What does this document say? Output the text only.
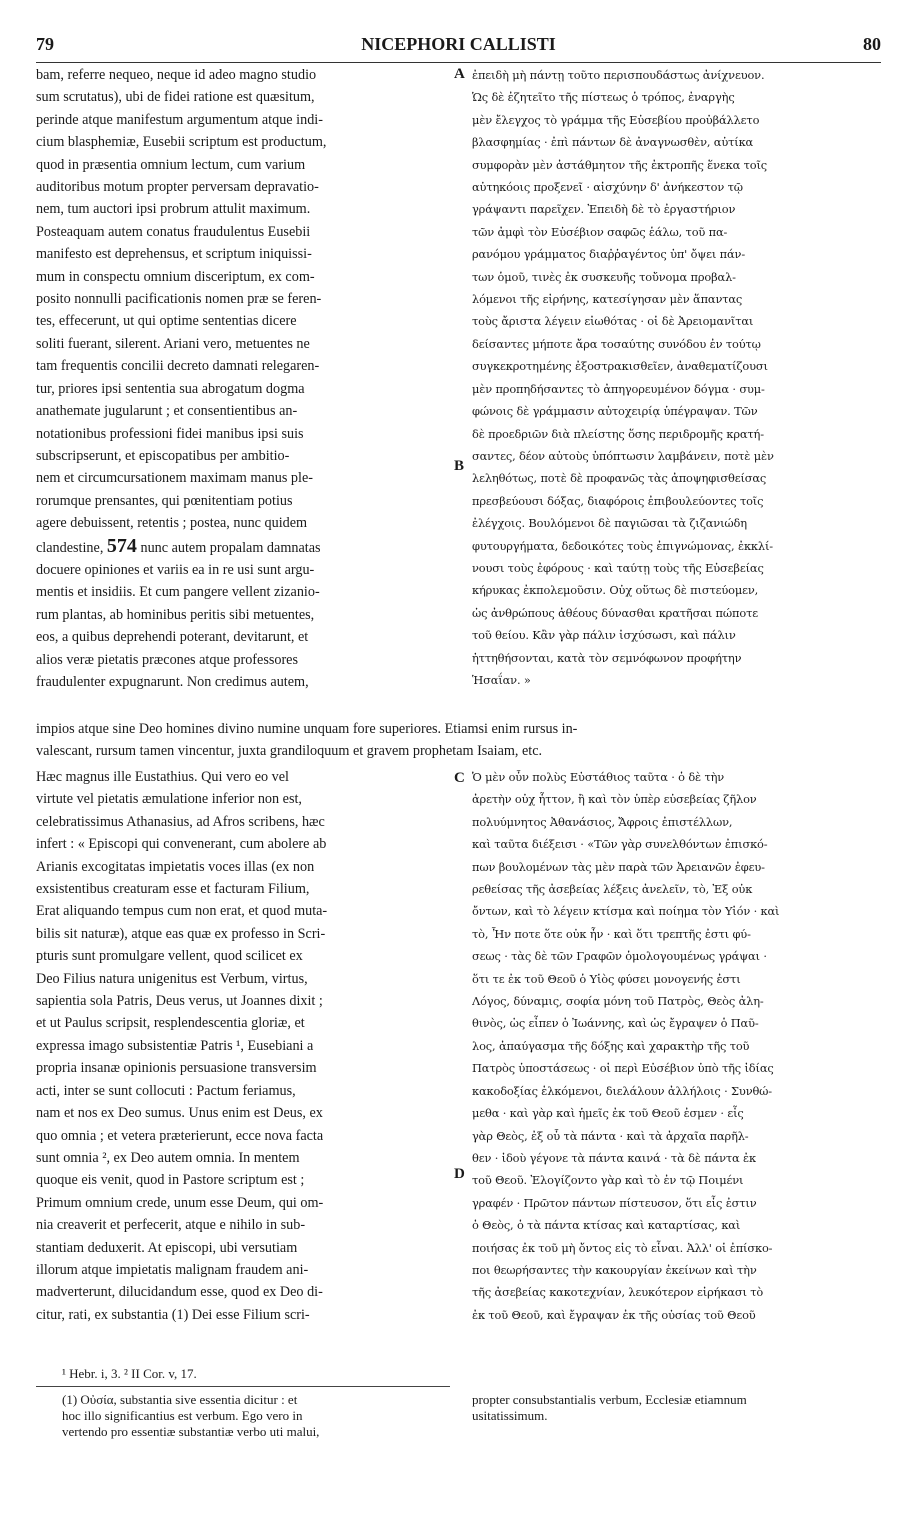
79	NICEPHORI CALLISTI	80
A
B
C
D
bam, referre nequeo, neque id adeo magno studio
sum scrutatus), ubi de fidei ratione est quæsitum,
perinde atque manifestum argumentum atque indi-
cium blasphemiæ, Eusebii scriptum est productum,
quod in præsentia omnium lectum, cum varium
auditoribus motum propter perversam depravatio-
nem, tum auctori ipsi probrum attulit maximum.
Posteaquam autem conatus fraudulentus Eusebii
manifesto est deprehensus, et scriptum iniquissi-
mum in conspectu omnium disceriptum, ex com-
posito nonnulli pacificationis nomen præ se feren-
tes, effecerunt, ut qui optime sententias dicere
soliti fuerant, silerent. Ariani vero, metuentes ne
tam frequentis concilii decreto damnati relegaren-
tur, priores ipsi sententia sua abrogatum dogma
anathemate jugularunt ; et consentientibus an-
notationibus professioni fidei manibus ipsi suis
subscripserunt, et episcopatibus per ambitio-
nem et circumcursationem maximam manus ple-
rorumque prensantes, qui pœnitentiam potius
agere debuissent, retentis ; postea, nunc quidem
clandestine, 574 nunc autem propalam damnatas
docuere opiniones et variis ea in re usi sunt argu-
mentis et insidiis. Et cum pangere vellent zizanio-
rum plantas, ab hominibus peritis sibi metuentes,
eos, a quibus deprehendi poterant, devitarunt, et
alios veræ pietatis præcones atque professores
fraudulenter expugnarunt. Non credimus autem,
ἐπειδὴ μὴ πάντῃ τοῦτο περισπουδάστως ἀνίχνευον.
Ὡς δὲ ἐζητεῖτο τῆς πίστεως ὁ τρόπος, ἐναργὴς
μὲν ἔλεγχος τὸ γράμμα τῆς Εὐσεβίου προὐβάλλετο
βλασφημίας · ἐπὶ πάντων δὲ ἀναγνωσθὲν, αὐτίκα
συμφορὰν μὲν ἀστάθμητον τῆς ἐκτροπῆς ἕνεκα τοῖς
αὐτηκόοις προξενεῖ · αἰσχύνην δ' ἀνήκεστον τῷ
γράψαντι παρεῖχεν. Ἐπειδὴ δὲ τὸ ἐργαστήριον
τῶν ἀμφὶ τὸν Εὐσέβιον σαφῶς ἑάλω, τοῦ πα-
ρανόμου γράμματος διαῤῥαγέντος ὑπ' ὄψει πάν-
των ὁμοῦ, τινὲς ἐκ συσκευῆς τοὔνομα προβαλ-
λόμενοι τῆς εἰρήνης, κατεσίγησαν μὲν ἅπαντας
τοὺς ἄριστα λέγειν εἰωθότας · οἱ δὲ Ἀρειομανῖται
δείσαντες μήποτε ἄρα τοσαύτης συνόδου ἐν τούτῳ
συγκεκροτημένης ἐξοστρακισθεῖεν, ἀναθεματίζουσι
μὲν προπηδήσαντες τὸ ἀπηγορευμένον δόγμα · συμ-
φώνοις δὲ γράμμασιν αὐτοχειρίᾳ ὑπέγραψαν. Τῶν
δὲ προεδριῶν διὰ πλείστης ὅσης περιδρομῆς κρατή-
σαντες, δέον αὐτοὺς ὑπόπτωσιν λαμβάνειν, ποτὲ μὲν
λεληθότως, ποτὲ δὲ προφανῶς τὰς ἀποψηφισθείσας
πρεσβεύουσι δόξας, διαφόροις ἐπιβουλεύοντες τοῖς
ἐλέγχοις. Βουλόμενοι δὲ παγιῶσαι τὰ ζιζανιώδη
φυτουργήματα, δεδοικότες τοὺς ἐπιγνώμονας, ἐκκλί-
νουσι τοὺς ἐφόρους · καὶ ταύτῃ τοὺς τῆς Εὐσεβείας
κήρυκας ἐκπολεμοῦσιν. Οὐχ οὕτως δὲ πιστεύομεν,
ὡς ἀνθρώπους ἀθέους δύνασθαι κρατῆσαι πώποτε
τοῦ θείου. Κἂν γὰρ πάλιν ἰσχύσωσι, καὶ πάλιν
ἡττηθήσονται, κατὰ τὸν σεμνόφωνον προφήτην
Ἡσαΐαν. »
impios atque sine Deo homines divino numine unquam fore superiores. Etiamsi enim rursus in-
valescant, rursum tamen vincentur, juxta grandiloquum et gravem prophetam Isaiam, etc.
Hæc magnus ille Eustathius. Qui vero eo vel
virtute vel pietatis æmulatione inferior non est,
celebratissimus Athanasius, ad Afros scribens, hæc
infert : « Episcopi qui convenerant, cum abolere ab
Arianis excogitatas impietatis voces illas (ex non
exsistentibus creaturam esse et facturam Filium,
Erat aliquando tempus cum non erat, et quod muta-
bilis sit naturæ), atque eas quæ ex professo in Scri-
pturis sunt promulgare vellent, quod scilicet ex
Deo Filius natura unigenitus est Verbum, virtus,
sapientia sola Patris, Deus verus, ut Joannes dixit ;
et ut Paulus scripsit, resplendescentia gloriæ, et
expressa imago subsistentiæ Patris ¹, Eusebiani a
propria insanæ opinionis persuasione transversim
acti, inter se sunt collocuti : Pactum feriamus,
nam et nos ex Deo sumus. Unus enim est Deus, ex
quo omnia ; et vetera præterierunt, ecce nova facta
sunt omnia ², ex Deo autem omnia. In mentem
quoque eis venit, quod in Pastore scriptum est ;
Primum omnium crede, unum esse Deum, qui om-
nia creaverit et perfecerit, atque e nihilo in sub-
stantiam deduxerit. At episcopi, ubi versutiam
illorum atque impietatis malignam fraudem ani-
madverterunt, dilucidandum esse, quod ex Deo di-
citur, rati, ex substantia (1) Dei esse Filium scri-
Ὁ μὲν οὖν πολὺς Εὐστάθιος ταῦτα · ὁ δὲ τὴν
ἀρετὴν οὐχ ἧττον, ἢ καὶ τὸν ὑπὲρ εὐσεβείας ζῆλον
πολυύμνητος Ἀθανάσιος, Ἄφροις ἐπιστέλλων,
καὶ ταῦτα διέξεισι · «Τῶν γὰρ συνελθόντων ἐπισκό-
πων βουλομένων τὰς μὲν παρὰ τῶν Ἀρειανῶν ἐφευ-
ρεθείσας τῆς ἀσεβείας λέξεις ἀνελεῖν, τὸ, Ἐξ οὐκ
ὄντων, καὶ τὸ λέγειν κτίσμα καὶ ποίημα τὸν Υἱόν · καὶ
τὸ, Ἦν ποτε ὅτε οὐκ ἦν · καὶ ὅτι τρεπτῆς ἐστι φύ-
σεως · τὰς δὲ τῶν Γραφῶν ὁμολογουμένως γράψαι ·
ὅτι τε ἐκ τοῦ Θεοῦ ὁ Υἱὸς φύσει μονογενής ἐστι
Λόγος, δύναμις, σοφία μόνη τοῦ Πατρὸς, Θεὸς ἀλη-
θινὸς, ὡς εἶπεν ὁ Ἰωάννης, καὶ ὡς ἔγραψεν ὁ Παῦ-
λος, ἀπαύγασμα τῆς δόξης καὶ χαρακτὴρ τῆς τοῦ
Πατρὸς ὑποστάσεως · οἱ περὶ Εὐσέβιον ὑπὸ τῆς ἰδίας
κακοδοξίας ἑλκόμενοι, διελάλουν ἀλλήλοις · Συνθώ-
μεθα · καὶ γὰρ καὶ ἡμεῖς ἐκ τοῦ Θεοῦ ἐσμεν · εἷς
γὰρ Θεὸς, ἐξ οὗ τὰ πάντα · καὶ τὰ ἀρχαῖα παρῆλ-
θεν · ἰδοὺ γέγονε τὰ πάντα καινά · τὰ δὲ πάντα ἐκ
τοῦ Θεοῦ. Ἐλογίζοντο γὰρ καὶ τὸ ἐν τῷ Ποιμένι
γραφέν · Πρῶτον πάντων πίστευσον, ὅτι εἷς ἐστιν
ὁ Θεὸς, ὁ τὰ πάντα κτίσας καὶ καταρτίσας, καὶ
ποιήσας ἐκ τοῦ μὴ ὄντος εἰς τὸ εἶναι. Ἀλλ' οἱ ἐπίσκο-
ποι θεωρήσαντες τὴν κακουργίαν ἐκείνων καὶ τὴν
τῆς ἀσεβείας κακοτεχνίαν, λευκότερον εἰρήκασι τὸ
ἐκ τοῦ Θεοῦ, καὶ ἔγραψαν ἐκ τῆς οὐσίας τοῦ Θεοῦ
¹ Hebr. i, 3. ² II Cor. v, 17.
(1) Οὐσία, substantia sive essentia dicitur : et
hoc illo significantius est verbum. Ego vero in
vertendo pro essentiæ substantiæ verbo uti malui,
propter consubstantialis verbum, Ecclesiæ etiamnum
usitatissimum.
